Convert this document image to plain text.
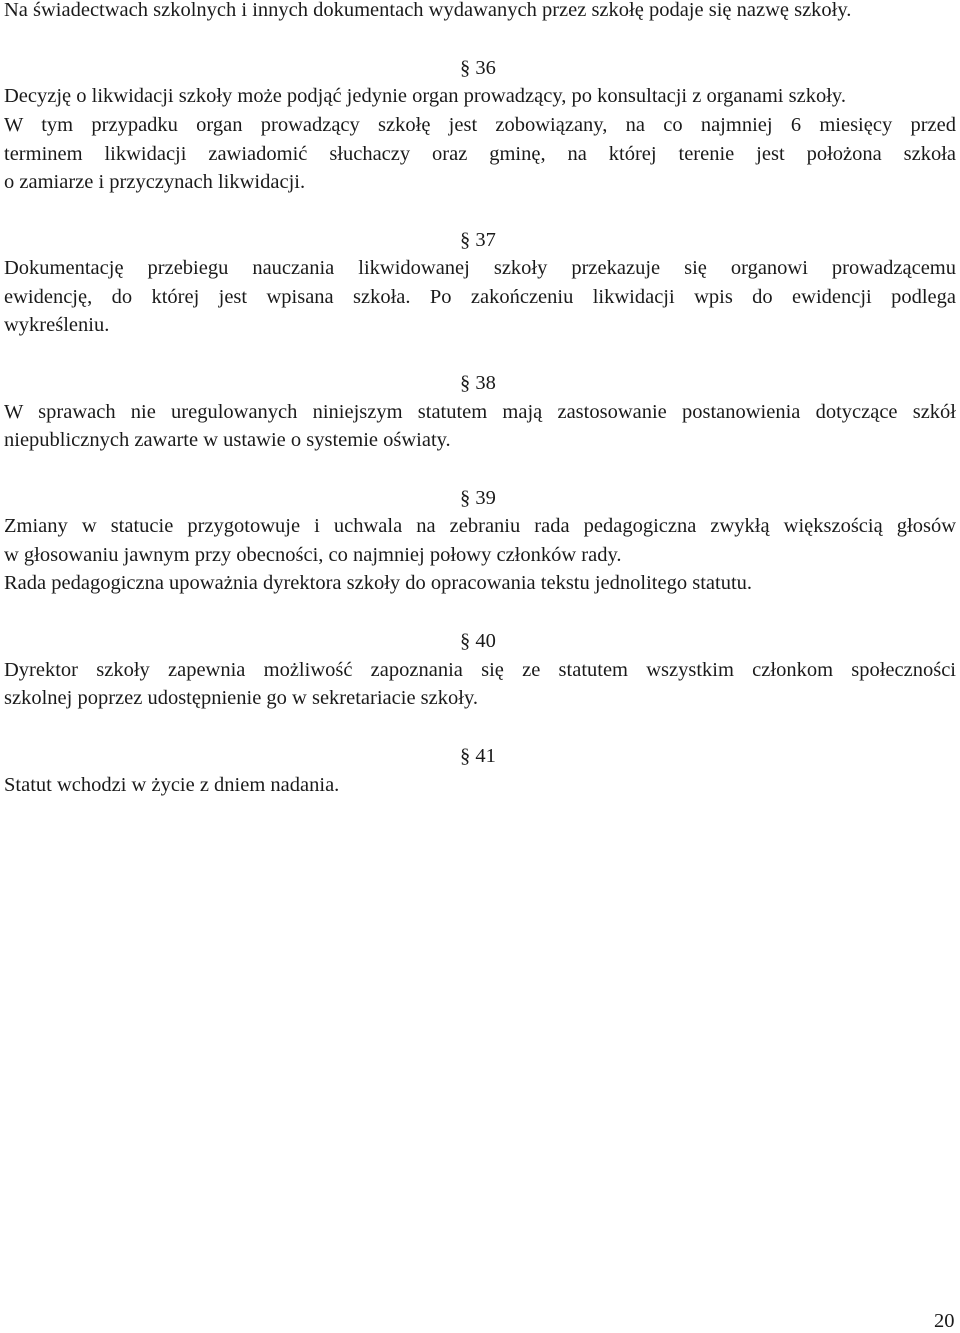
Na świadectwach szkolnych i innych dokumentach wydawanych przez szkołę podaje się nazwę szkoły.
§ 36
Decyzję o likwidacji szkoły może podjąć jedynie organ prowadzący, po konsultacji z organami szkoły.
W tym przypadku organ prowadzący szkołę jest zobowiązany, na co najmniej 6 miesięcy przed
terminem likwidacji zawiadomić słuchaczy oraz gminę, na której terenie jest położona szkoła
o zamiarze i przyczynach likwidacji.
§ 37
Dokumentację przebiegu nauczania likwidowanej szkoły przekazuje się organowi prowadzącemu
ewidencję, do której jest wpisana szkoła. Po zakończeniu likwidacji wpis do ewidencji podlega
wykreśleniu.
§ 38
W sprawach nie uregulowanych niniejszym statutem mają zastosowanie postanowienia dotyczące szkół
niepublicznych zawarte w ustawie o systemie oświaty.
§ 39
Zmiany w statucie przygotowuje i uchwala na zebraniu rada pedagogiczna zwykłą większością głosów
w głosowaniu jawnym przy obecności, co najmniej połowy członków rady.
Rada pedagogiczna upoważnia dyrektora szkoły do opracowania tekstu jednolitego statutu.
§ 40
Dyrektor szkoły zapewnia możliwość zapoznania się ze statutem wszystkim członkom społeczności
szkolnej poprzez udostępnienie go w sekretariacie szkoły.
§ 41
Statut wchodzi w życie z dniem nadania.
20
